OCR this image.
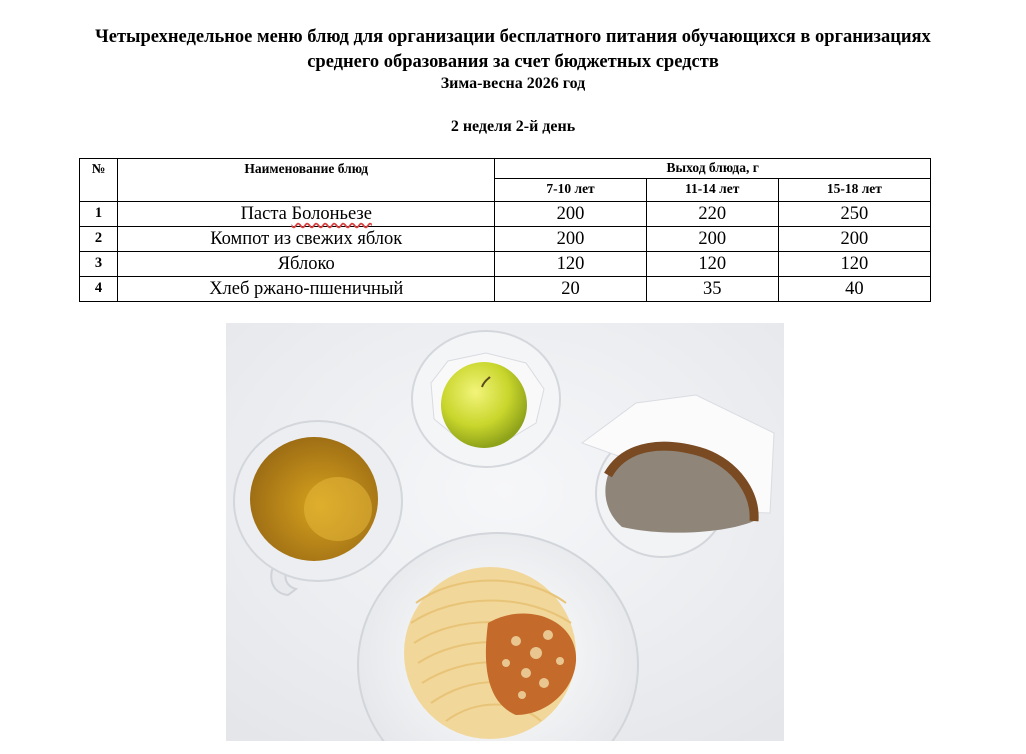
Четырехнедельное меню блюд для организации бесплатного питания обучающихся в организациях

среднего образования за счет бюджетных средств

Зима-весна 2026 год

2 неделя 2-й день

№	Наименование блюд	Выход блюда, г		
		7-10 лет	11-14 лет	15-18 лет
1	Паста Болоньезе	200	220	250
2	Компот из свежих яблок	200	200	200
3	Яблоко	120	120	120
4	Хлеб ржано-пшеничный	20	35	40
